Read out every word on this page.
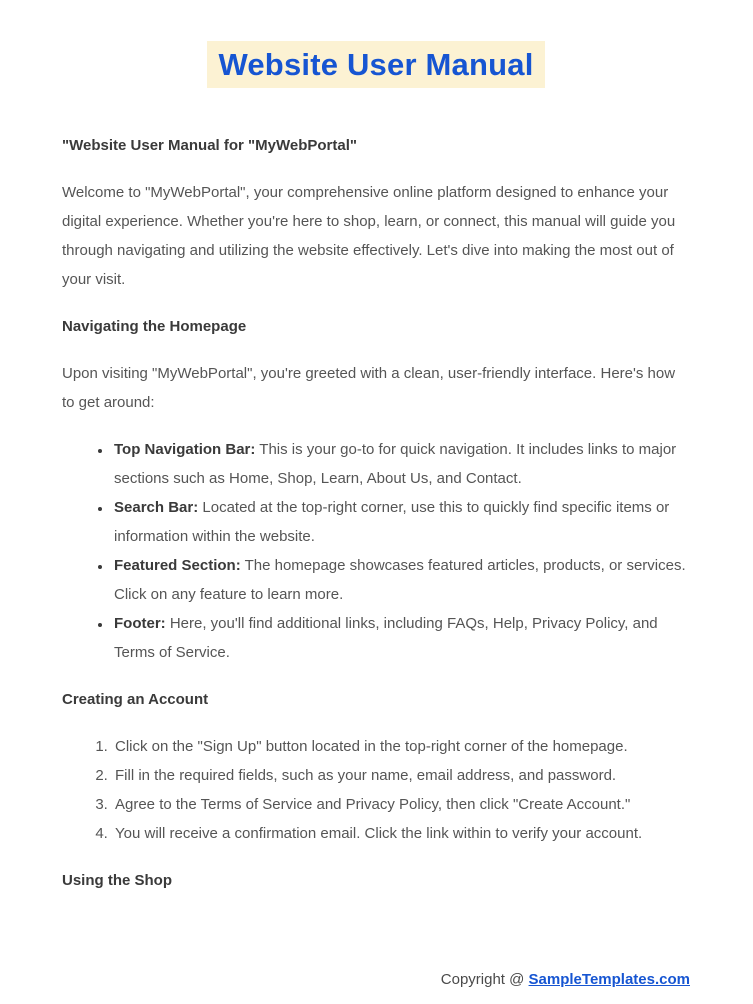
Website User Manual
"Website User Manual for "MyWebPortal"

Welcome to "MyWebPortal", your comprehensive online platform designed to enhance your digital experience. Whether you're here to shop, learn, or connect, this manual will guide you through navigating and utilizing the website effectively. Let's dive into making the most out of your visit.

Navigating the Homepage

Upon visiting "MyWebPortal", you're greeted with a clean, user-friendly interface. Here's how to get around:

• Top Navigation Bar: This is your go-to for quick navigation. It includes links to major sections such as Home, Shop, Learn, About Us, and Contact.
• Search Bar: Located at the top-right corner, use this to quickly find specific items or information within the website.
• Featured Section: The homepage showcases featured articles, products, or services. Click on any feature to learn more.
• Footer: Here, you'll find additional links, including FAQs, Help, Privacy Policy, and Terms of Service.
Creating an Account
1. Click on the "Sign Up" button located in the top-right corner of the homepage.
2. Fill in the required fields, such as your name, email address, and password.
3. Agree to the Terms of Service and Privacy Policy, then click "Create Account."
4. You will receive a confirmation email. Click the link within to verify your account.
Using the Shop
Copyright @ SampleTemplates.com
